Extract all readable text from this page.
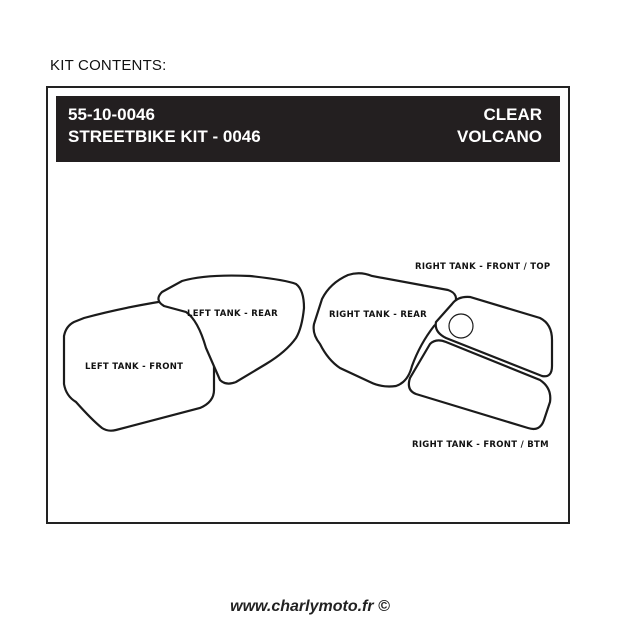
KIT CONTENTS:
55-10-0046
STREETBIKE KIT - 0046
CLEAR
VOLCANO
LEFT TANK - FRONT
LEFT TANK - REAR	RIGHT TANK - REAR
RIGHT TANK - FRONT / TOP
RIGHT TANK - FRONT / BTM
www.charlymoto.fr ©
